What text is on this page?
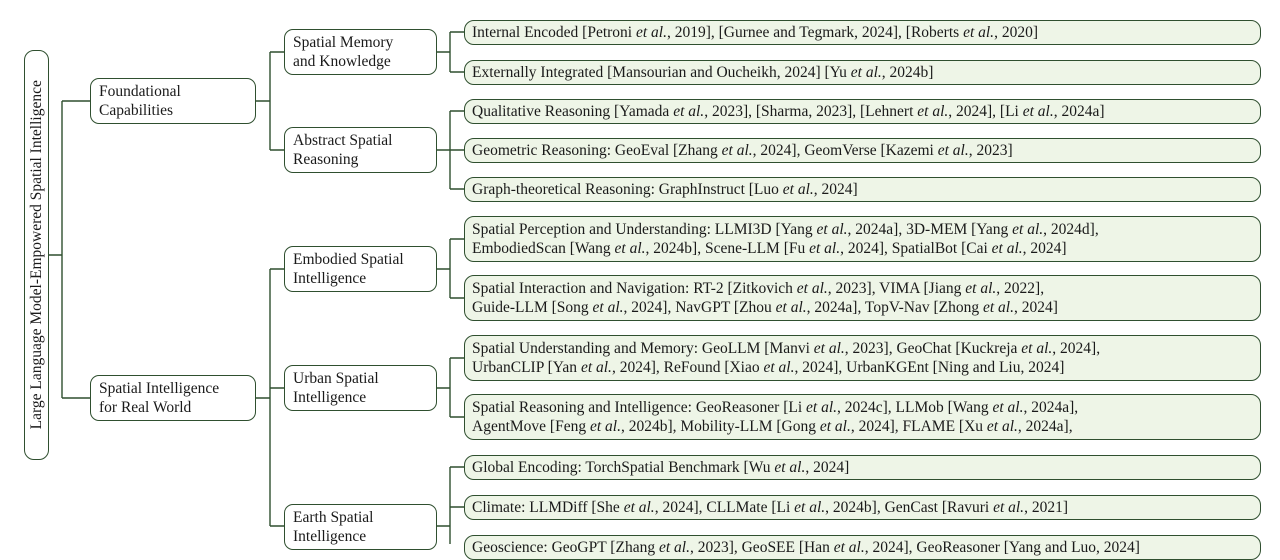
Large Language Model-Empowered Spatial Intelligence	Foundational
Capabilities
Spatial Intelligence
for Real World
Spatial Memory
and Knowledge
Abstract Spatial
Reasoning
Embodied Spatial
Intelligence
Urban Spatial
Intelligence
Earth Spatial
Intelligence
Internal Encoded [Petroni et al., 2019], [Gurnee and Tegmark, 2024], [Roberts et al., 2020]
Externally Integrated [Mansourian and Oucheikh, 2024] [Yu et al., 2024b]
Qualitative Reasoning [Yamada et al., 2023], [Sharma, 2023], [Lehnert et al., 2024], [Li et al., 2024a]
Geometric Reasoning: GeoEval [Zhang et al., 2024], GeomVerse [Kazemi et al., 2023]
Graph-theoretical Reasoning: GraphInstruct [Luo et al., 2024]
Spatial Perception and Understanding: LLMI3D [Yang et al., 2024a], 3D-MEM [Yang et al., 2024d],
EmbodiedScan [Wang et al., 2024b], Scene-LLM [Fu et al., 2024], SpatialBot [Cai et al., 2024]
Spatial Interaction and Navigation: RT-2 [Zitkovich et al., 2023], VIMA [Jiang et al., 2022],
Guide-LLM [Song et al., 2024], NavGPT [Zhou et al., 2024a], TopV-Nav [Zhong et al., 2024]
Spatial Understanding and Memory: GeoLLM [Manvi et al., 2023], GeoChat [Kuckreja et al., 2024],
UrbanCLIP [Yan et al., 2024], ReFound [Xiao et al., 2024], UrbanKGEnt [Ning and Liu, 2024]
Spatial Reasoning and Intelligence: GeoReasoner [Li et al., 2024c], LLMob [Wang et al., 2024a],
AgentMove [Feng et al., 2024b], Mobility-LLM [Gong et al., 2024], FLAME [Xu et al., 2024a],
Global Encoding: TorchSpatial Benchmark [Wu et al., 2024]
Climate: LLMDiff [She et al., 2024], CLLMate [Li et al., 2024b], GenCast [Ravuri et al., 2021]
Geoscience: GeoGPT [Zhang et al., 2023], GeoSEE [Han et al., 2024], GeoReasoner [Yang and Luo, 2024]
